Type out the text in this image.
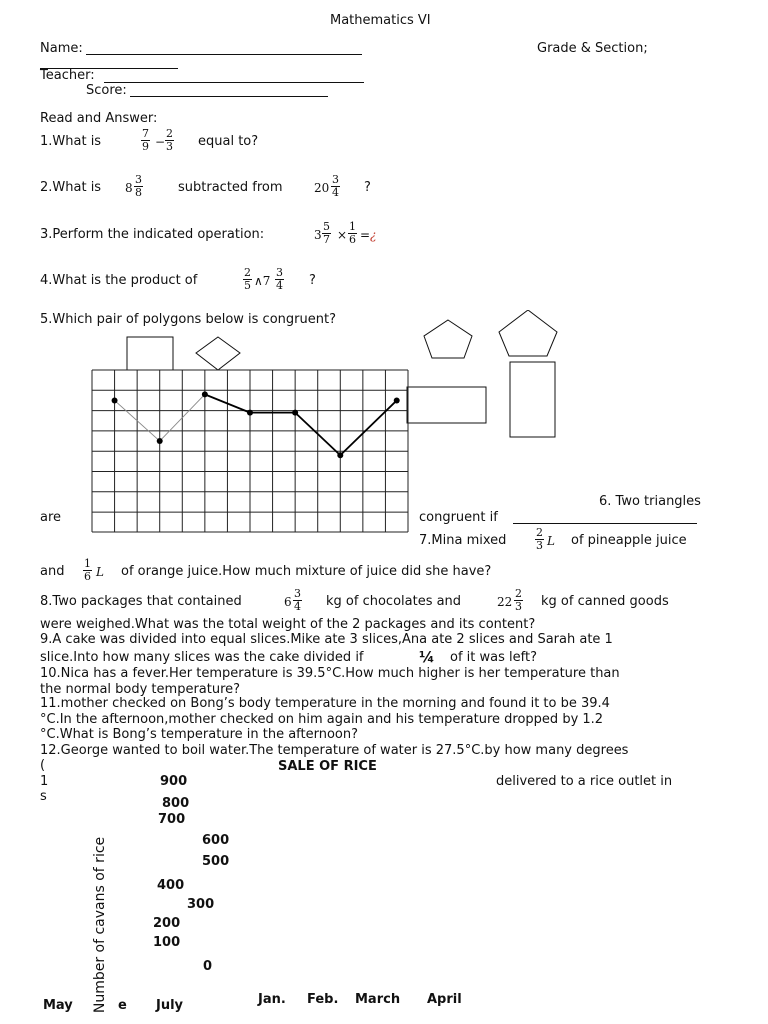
Mathematics VI
Name:	Grade & Section;
Teacher:
Score:
Read and Answer:
1.What is	$\frac{7}{9} - \frac{2}{3}$ equal to?
2.What is $8 \frac{3}{8}$	subtracted from	$20 \frac{3}{4}$ ?
3.Perform the indicated operation:	$3 \frac{5}{7} \times \frac{1}{6}$ = ¿
4.What is the product of	$\frac{2}{5}$ ∧7 $\frac{3}{4}$ ?
5.Which pair of polygons below is congruent?
6. Two triangles
are	congruent if
7.Mina mixed	$\frac{2}{3}$ L of pineapple juice
and $\frac{1}{6}$ L of orange juice.How much mixture of juice did she have?
8.Two packages that contained	$6 \frac{3}{4}$ kg of chocolates and	$22 \frac{2}{3}$ kg of canned goods
were weighed.What was the total weight of the 2 packages and its content?
9.A cake was divided into equal slices.Mike ate 3 slices,Ana ate 2 slices and Sarah ate 1
slice.Into how many slices was the cake divided if	¼ of it was left?
10.Nica has a fever.Her temperature is 39.5°C.How much higher is her temperature than
the normal body temperature?
11.mother checked on Bong’s body temperature in the morning and found it to be 39.4
°C.In the afternoon,mother checked on him again and his temperature dropped by 1.2
°C.What is Bong’s temperature in the afternoon?
12.George wanted to boil water.The temperature of water is 27.5°C.by how many degrees
(
1	delivered to a rice outlet in
s
SALE OF RICE
Number of cavans of rice
900
800
700
600
500
400
300
200
100
0
May	e July	Jan. Feb. March April
